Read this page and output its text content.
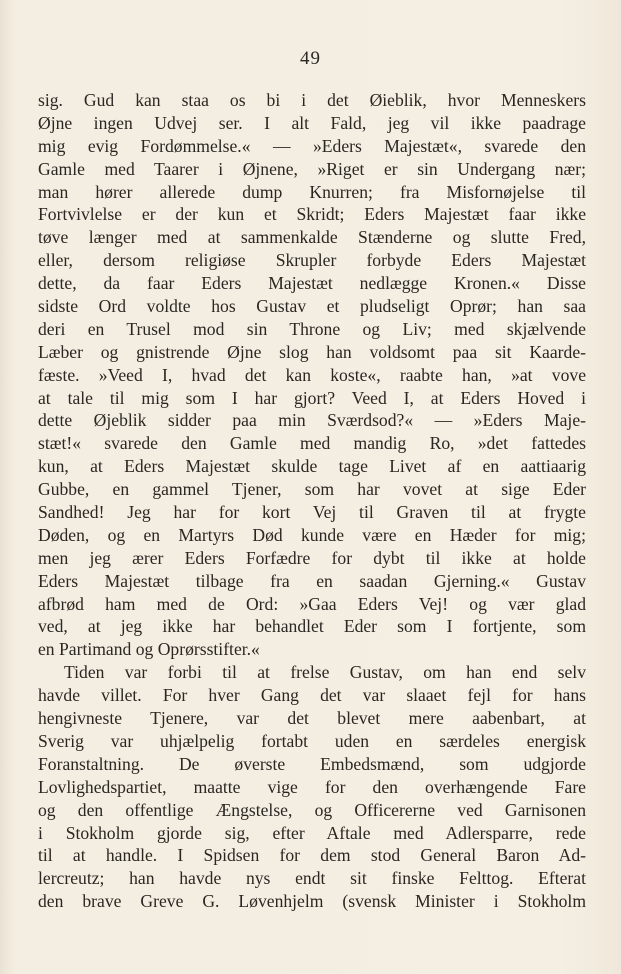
49
sig. Gud kan staa os bi i det Øieblik, hvor Menneskers
Øjne ingen Udvej ser. I alt Fald, jeg vil ikke paadrage
mig evig Fordømmelse.« — »Eders Majestæt«, svarede den
Gamle med Taarer i Øjnene, »Riget er sin Undergang nær;
man hører allerede dump Knurren; fra Misfornøjelse til
Fortvivlelse er der kun et Skridt; Eders Majestæt faar ikke
tøve længer med at sammenkalde Stænderne og slutte Fred,
eller, dersom religiøse Skrupler forbyde Eders Majestæt
dette, da faar Eders Majestæt nedlægge Kronen.« Disse
sidste Ord voldte hos Gustav et pludseligt Oprør; han saa
deri en Trusel mod sin Throne og Liv; med skjælvende
Læber og gnistrende Øjne slog han voldsomt paa sit Kaarde-
fæste. »Veed I, hvad det kan koste«, raabte han, »at vove
at tale til mig som I har gjort? Veed I, at Eders Hoved i
dette Øjeblik sidder paa min Sværdsod?« — »Eders Maje-
stæt!« svarede den Gamle med mandig Ro, »det fattedes
kun, at Eders Majestæt skulde tage Livet af en aattiaarig
Gubbe, en gammel Tjener, som har vovet at sige Eder
Sandhed! Jeg har for kort Vej til Graven til at frygte
Døden, og en Martyrs Død kunde være en Hæder for mig;
men jeg ærer Eders Forfædre for dybt til ikke at holde
Eders Majestæt tilbage fra en saadan Gjerning.« Gustav
afbrød ham med de Ord: »Gaa Eders Vej! og vær glad
ved, at jeg ikke har behandlet Eder som I fortjente, som
en Partimand og Oprørsstifter.«
Tiden var forbi til at frelse Gustav, om han end selv
havde villet. For hver Gang det var slaaet fejl for hans
hengivneste Tjenere, var det blevet mere aabenbart, at
Sverig var uhjælpelig fortabt uden en særdeles energisk
Foranstaltning. De øverste Embedsmænd, som udgjorde
Lovlighedspartiet, maatte vige for den overhængende Fare
og den offentlige Ængstelse, og Officererne ved Garnisonen
i Stokholm gjorde sig, efter Aftale med Adlersparre, rede
til at handle. I Spidsen for dem stod General Baron Ad-
lercreutz; han havde nys endt sit finske Felttog. Efterat
den brave Greve G. Løvenhjelm (svensk Minister i Stokholm
